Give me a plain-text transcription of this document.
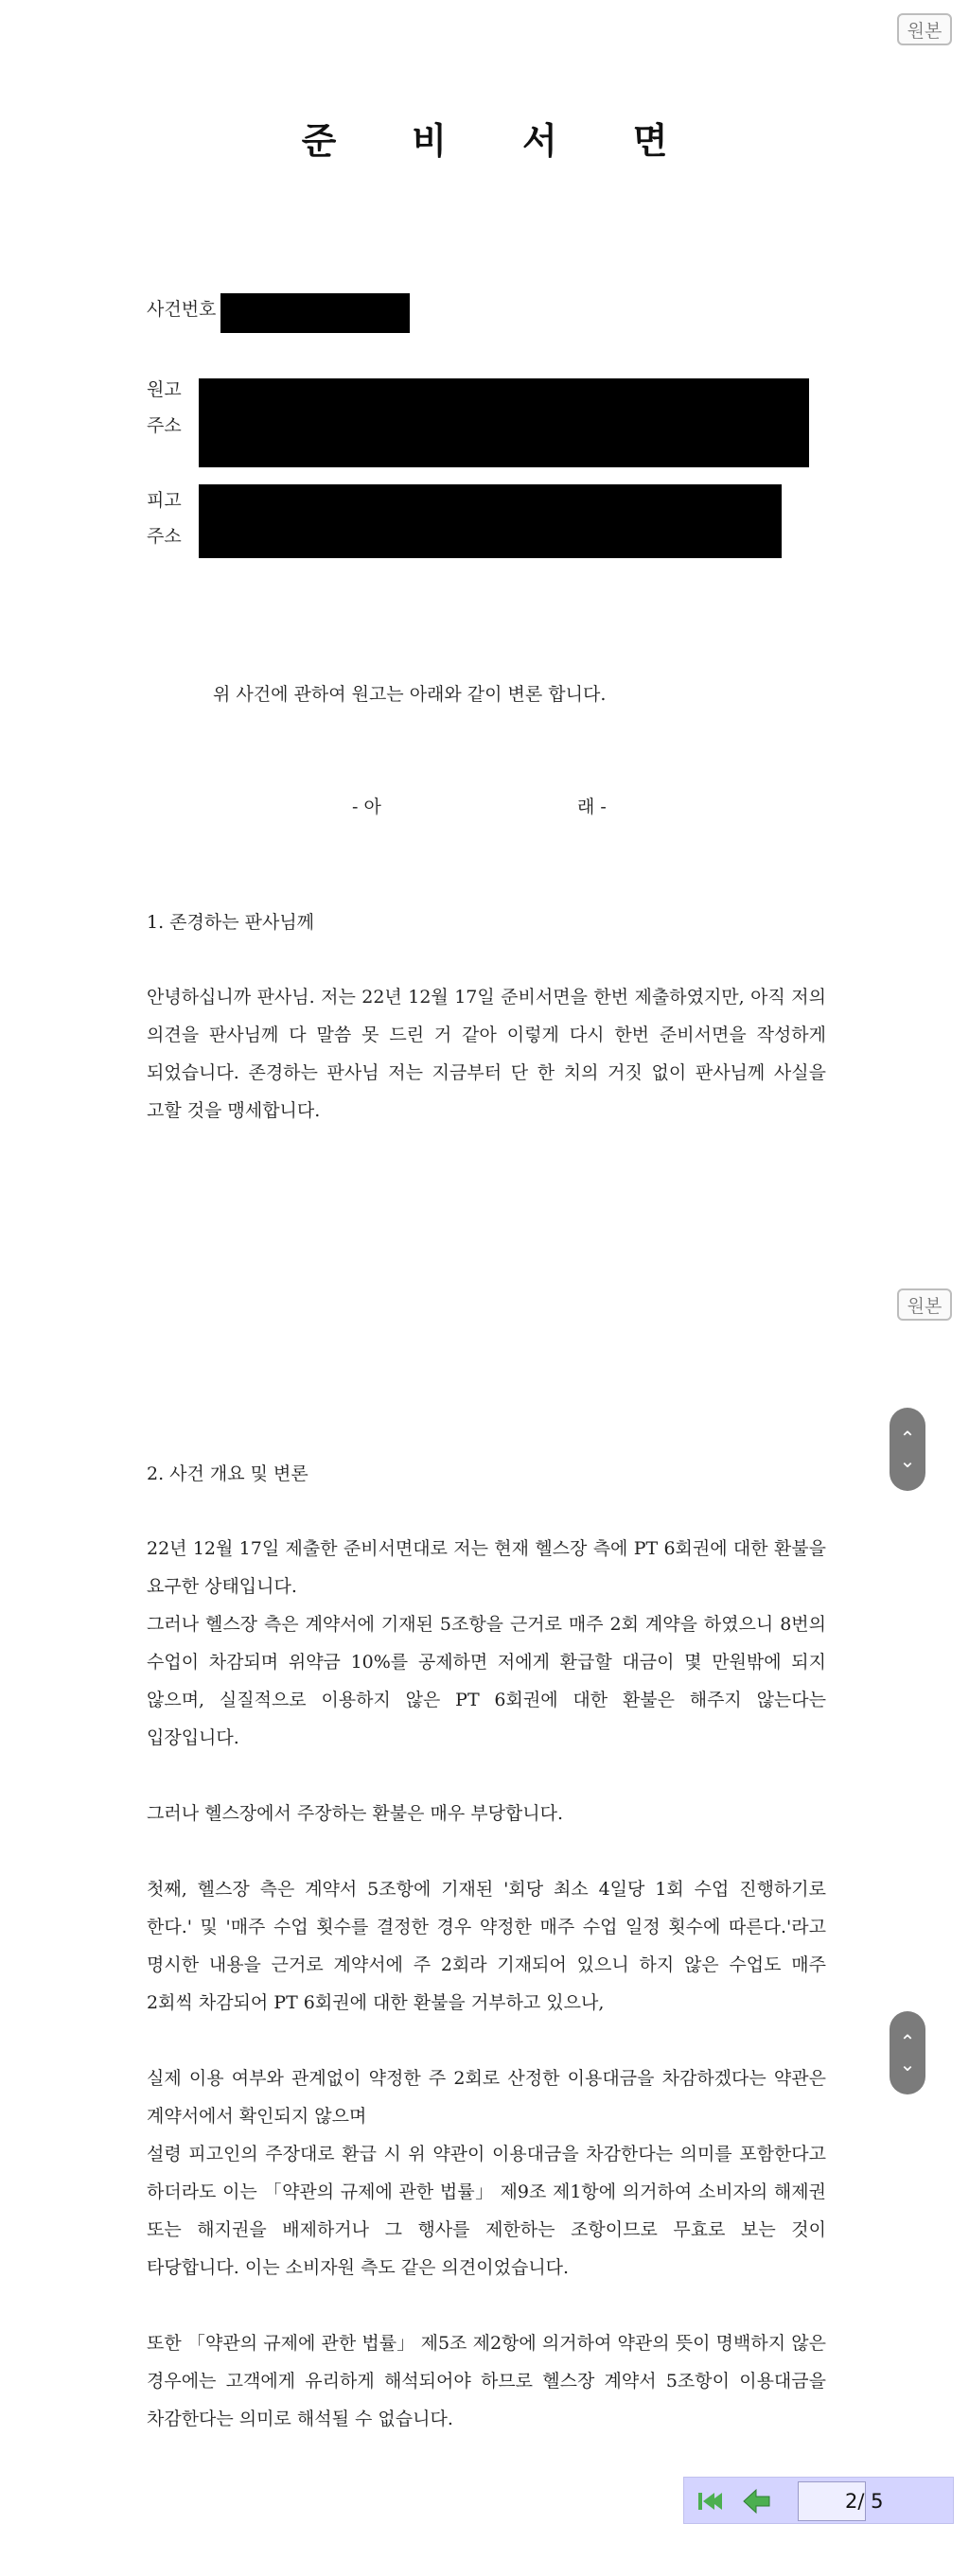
원본
준 비 서 면
사건번호
원고
주소
피고
주소
위 사건에 관하여 원고는 아래와 같이 변론 합니다.
- 아	래 -
1. 존경하는 판사님께

안녕하십니까 판사님. 저는 22년 12월 17일 준비서면을 한번 제출하였지만, 아직 저의 의견을 판사님께 다 말씀 못 드린 거 같아 이렇게 다시 한번 준비서면을 작성하게 되었습니다. 존경하는 판사님 저는 지금부터 단 한 치의 거짓 없이 판사님께 사실을 고할 것을 맹세합니다.

원본
2. 사건 개요 및 변론

22년 12월 17일 제출한 준비서면대로 저는 현재 헬스장 측에 PT 6회권에 대한 환불을 요구한 상태입니다.

그러나 헬스장 측은 계약서에 기재된 5조항을 근거로 매주 2회 계약을 하였으니 8번의 수업이 차감되며 위약금 10%를 공제하면 저에게 환급할 대금이 몇 만원밖에 되지 않으며, 실질적으로 이용하지 않은 PT 6회권에 대한 환불은 해주지 않는다는 입장입니다.

그러나 헬스장에서 주장하는 환불은 매우 부당합니다.

첫째, 헬스장 측은 계약서 5조항에 기재된 '회당 최소 4일당 1회 수업 진행하기로 한다.' 및 '매주 수업 횟수를 결정한 경우 약정한 매주 수업 일정 횟수에 따른다.'라고 명시한 내용을 근거로 계약서에 주 2회라 기재되어 있으니 하지 않은 수업도 매주 2회씩 차감되어 PT 6회권에 대한 환불을 거부하고 있으나,

실제 이용 여부와 관계없이 약정한 주 2회로 산정한 이용대금을 차감하겠다는 약관은 계약서에서 확인되지 않으며

설령 피고인의 주장대로 환급 시 위 약관이 이용대금을 차감한다는 의미를 포함한다고 하더라도 이는 「약관의 규제에 관한 법률」 제9조 제1항에 의거하여 소비자의 해제권 또는 해지권을 배제하거나 그 행사를 제한하는 조항이므로 무효로 보는 것이 타당합니다. 이는 소비자원 측도 같은 의견이었습니다.

또한 「약관의 규제에 관한 법률」 제5조 제2항에 의거하여 약관의 뜻이 명백하지 않은 경우에는 고객에게 유리하게 해석되어야 하므로 헬스장 계약서 5조항이 이용대금을 차감한다는 의미로 해석될 수 없습니다.

⌃
⌄
⌃
⌄
2/ 5
